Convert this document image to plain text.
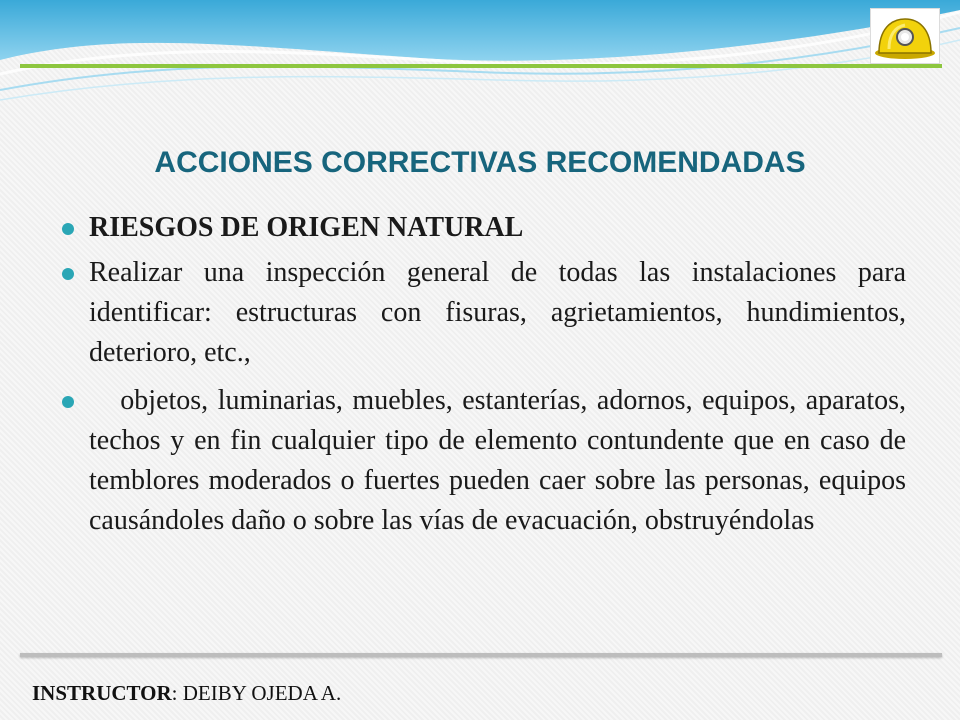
ACCIONES CORRECTIVAS RECOMENDADAS
RIESGOS DE ORIGEN NATURAL
Realizar una inspección general de todas las instalaciones para identificar: estructuras con fisuras, agrietamientos, hundimientos, deterioro, etc.,
objetos, luminarias, muebles, estanterías, adornos, equipos, aparatos, techos y en fin cualquier tipo de elemento contundente que en caso de temblores moderados o fuertes pueden caer sobre las personas, equipos causándoles daño o sobre las vías de evacuación, obstruyéndolas
INSTRUCTOR: DEIBY OJEDA A.
